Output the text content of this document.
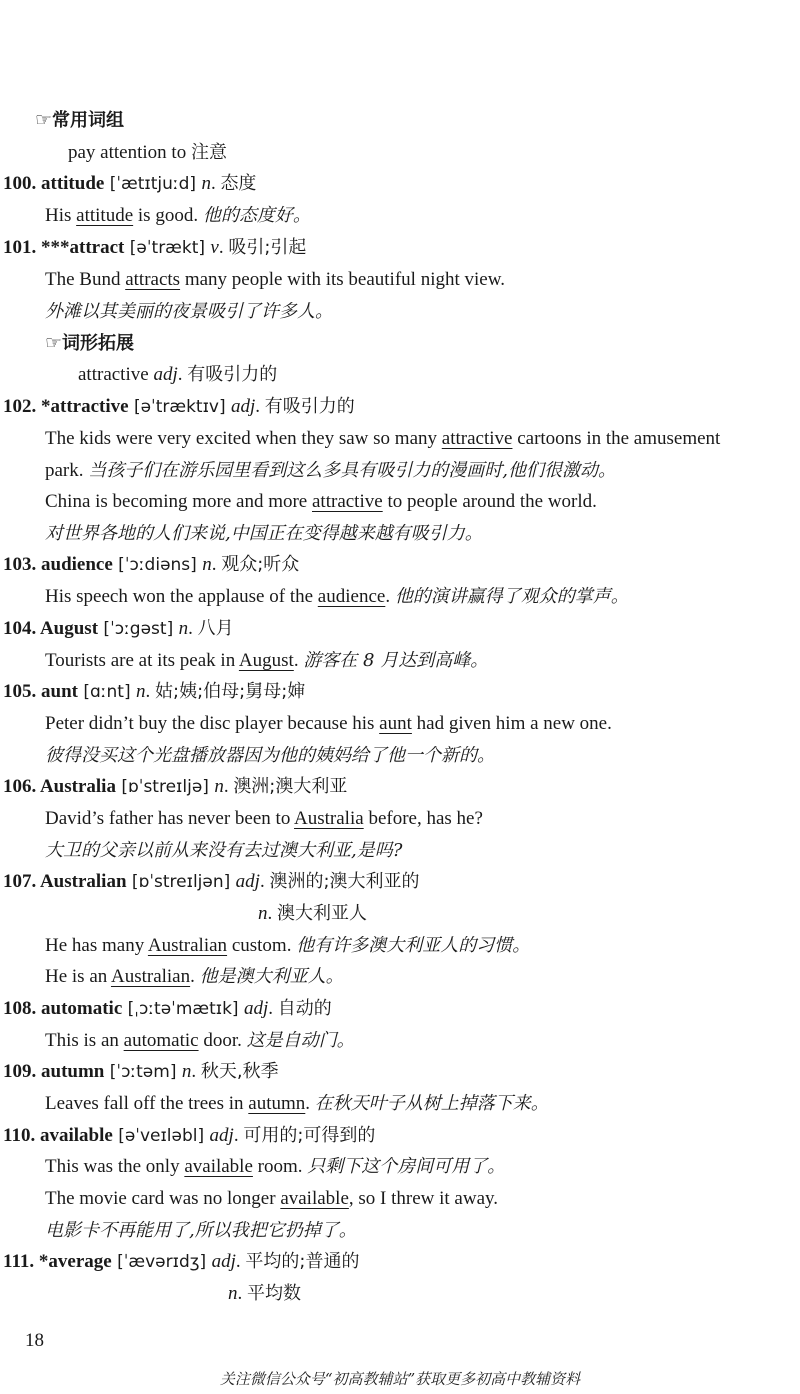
☞常用词组
pay attention to 注意
100. attitude [ˈætɪtjuːd] n. 态度
His attitude is good. 他的态度好。
101. ***attract [əˈtrækt] v. 吸引;引起
The Bund attracts many people with its beautiful night view.
外滩以其美丽的夜景吸引了许多人。
☞词形拓展
attractive adj. 有吸引力的
102. *attractive [əˈtræktɪv] adj. 有吸引力的
The kids were very excited when they saw so many attractive cartoons in the amusement
park. 当孩子们在游乐园里看到这么多具有吸引力的漫画时,他们很激动。
China is becoming more and more attractive to people around the world.
对世界各地的人们来说,中国正在变得越来越有吸引力。
103. audience [ˈɔːdiəns] n. 观众;听众
His speech won the applause of the audience. 他的演讲赢得了观众的掌声。
104. August [ˈɔːgəst] n. 八月
Tourists are at its peak in August. 游客在 8 月达到高峰。
105. aunt [ɑːnt] n. 姑;姨;伯母;舅母;婶
Peter didn’t buy the disc player because his aunt had given him a new one.
彼得没买这个光盘播放器因为他的姨妈给了他一个新的。
106. Australia [ɒˈstreɪljə] n. 澳洲;澳大利亚
David’s father has never been to Australia before, has he?
大卫的父亲以前从来没有去过澳大利亚,是吗?
107. Australian [ɒˈstreɪljən] adj. 澳洲的;澳大利亚的
n. 澳大利亚人
He has many Australian custom. 他有许多澳大利亚人的习惯。
He is an Australian. 他是澳大利亚人。
108. automatic [ˌɔːtəˈmætɪk] adj. 自动的
This is an automatic door. 这是自动门。
109. autumn [ˈɔːtəm] n. 秋天,秋季
Leaves fall off the trees in autumn. 在秋天叶子从树上掉落下来。
110. available [əˈveɪləbl] adj. 可用的;可得到的
This was the only available room. 只剩下这个房间可用了。
The movie card was no longer available, so I threw it away.
电影卡不再能用了,所以我把它扔掉了。
111. *average [ˈævərɪdʒ] adj. 平均的;普通的
n. 平均数
18
关注微信公众号“初高教辅站”获取更多初高中教辅资料
